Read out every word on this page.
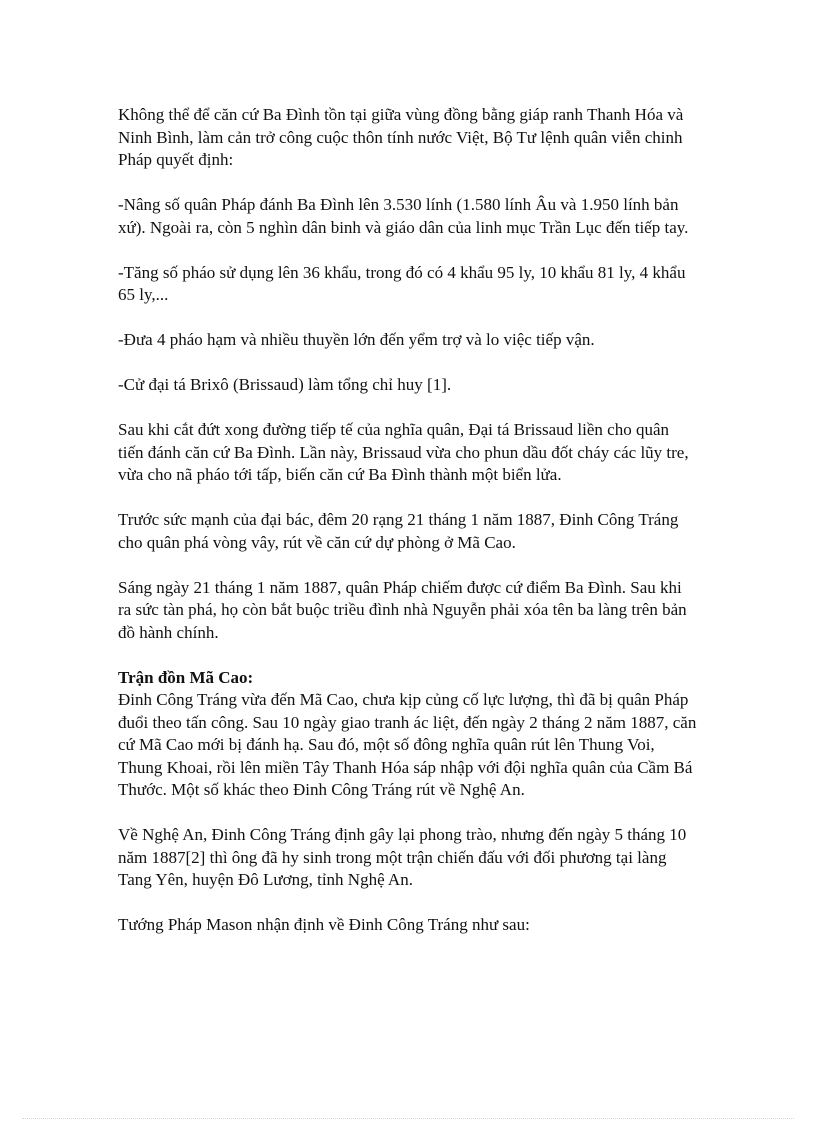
Không thể để căn cứ Ba Đình tồn tại giữa vùng đồng bằng giáp ranh Thanh Hóa và Ninh Bình, làm cản trở công cuộc thôn tính nước Việt, Bộ Tư lệnh quân viễn chinh Pháp quyết định:

-Nâng số quân Pháp đánh Ba Đình lên 3.530 lính (1.580 lính Âu và 1.950 lính bản xứ). Ngoài ra, còn 5 nghìn dân binh và giáo dân của linh mục Trần Lục đến tiếp tay.

-Tăng số pháo sử dụng lên 36 khẩu, trong đó có 4 khẩu 95 ly, 10 khẩu 81 ly, 4 khẩu 65 ly,...

-Đưa 4 pháo hạm và nhiều thuyền lớn đến yểm trợ và lo việc tiếp vận.

-Cử đại tá Brixô (Brissaud) làm tổng chỉ huy [1].

Sau khi cắt đứt xong đường tiếp tế của nghĩa quân, Đại tá Brissaud liền cho quân tiến đánh căn cứ Ba Đình. Lần này, Brissaud vừa cho phun dầu đốt cháy các lũy tre, vừa cho nã pháo tới tấp, biến căn cứ Ba Đình thành một biển lửa.

Trước sức mạnh của đại bác, đêm 20 rạng 21 tháng 1 năm 1887, Đinh Công Tráng cho quân phá vòng vây, rút về căn cứ dự phòng ở Mã Cao.

Sáng ngày 21 tháng 1 năm 1887, quân Pháp chiếm được cứ điểm Ba Đình. Sau khi ra sức tàn phá, họ còn bắt buộc triều đình nhà Nguyễn phải xóa tên ba làng trên bản đồ hành chính.

Trận đồn Mã Cao:

Đinh Công Tráng vừa đến Mã Cao, chưa kịp củng cố lực lượng, thì đã bị quân Pháp đuổi theo tấn công. Sau 10 ngày giao tranh ác liệt, đến ngày 2 tháng 2 năm 1887, căn cứ Mã Cao mới bị đánh hạ. Sau đó, một số đông nghĩa quân rút lên Thung Voi, Thung Khoai, rồi lên miền Tây Thanh Hóa sáp nhập với đội nghĩa quân của Cầm Bá Thước. Một số khác theo Đinh Công Tráng rút về Nghệ An.

Về Nghệ An, Đinh Công Tráng định gây lại phong trào, nhưng đến ngày 5 tháng 10 năm 1887[2] thì ông đã hy sinh trong một trận chiến đấu với đối phương tại làng Tang Yên, huyện Đô Lương, tỉnh Nghệ An.

Tướng Pháp Mason nhận định về Đinh Công Tráng như sau:
